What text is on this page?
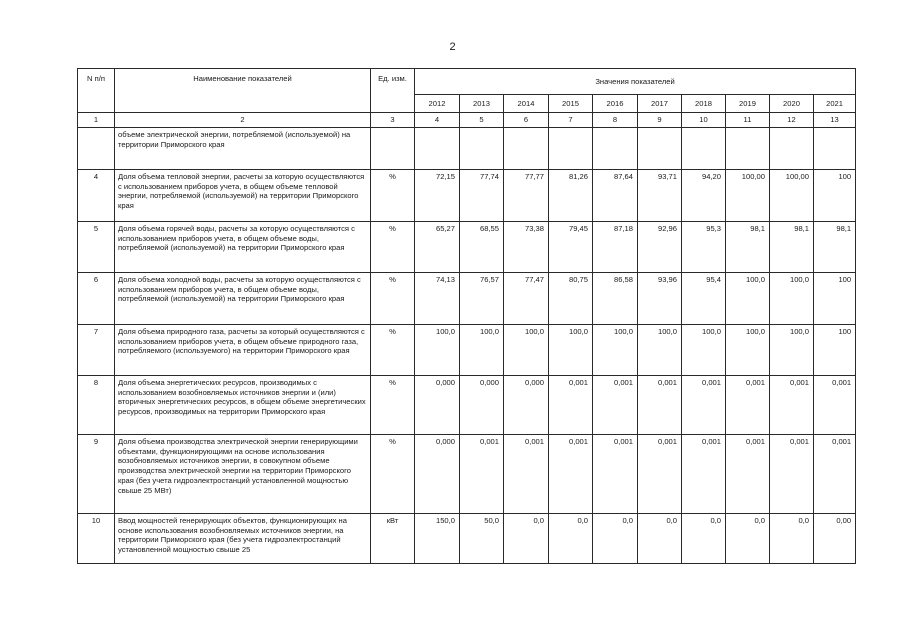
2
N п/п	Наименование показателей	Ед. изм.	Значения показателей									
			2012	2013	2014	2015	2016	2017	2018	2019	2020	2021
1	2	3	4	5	6	7	8	9	10	11	12	13
	объеме электрической энергии, потребляемой (используемой) на территории Приморского края											
4	Доля объема тепловой энергии, расчеты за которую осуществляются с использованием приборов учета, в общем объеме тепловой энергии, потребляемой (используемой) на территории Приморского края	%	72,15	77,74	77,77	81,26	87,64	93,71	94,20	100,00	100,00	100
5	Доля объема горячей воды, расчеты за которую осуществляются с использованием приборов учета, в общем объеме воды, потребляемой (используемой) на территории Приморского края	%	65,27	68,55	73,38	79,45	87,18	92,96	95,3	98,1	98,1	98,1
6	Доля объема холодной воды, расчеты за которую осуществляются с использованием приборов учета, в общем объеме воды, потребляемой (используемой) на территории Приморского края	%	74,13	76,57	77,47	80,75	86,58	93,96	95,4	100,0	100,0	100
7	Доля объема природного газа, расчеты за который осуществляются с использованием приборов учета, в общем объеме природного газа, потребляемого (используемого) на территории Приморского края	%	100,0	100,0	100,0	100,0	100,0	100,0	100,0	100,0	100,0	100
8	Доля объема энергетических ресурсов, производимых с использованием возобновляемых источников энергии и (или) вторичных энергетических ресурсов, в общем объеме энергетических ресурсов, производимых на территории Приморского края	%	0,000	0,000	0,000	0,001	0,001	0,001	0,001	0,001	0,001	0,001
9	Доля объема производства электрической энергии генерирующими объектами, функционирующими на основе использования возобновляемых источников энергии, в совокупном объеме производства электрической энергии на территории Приморского края (без учета гидроэлектростанций установленной мощностью свыше 25 МВт)	%	0,000	0,001	0,001	0,001	0,001	0,001	0,001	0,001	0,001	0,001
10	Ввод мощностей генерирующих объектов, функционирующих на основе использования возобновляемых источников энергии, на территории Приморского края (без учета гидроэлектростанций установленной мощностью свыше 25	кВт	150,0	50,0	0,0	0,0	0,0	0,0	0,0	0,0	0,0	0,00
